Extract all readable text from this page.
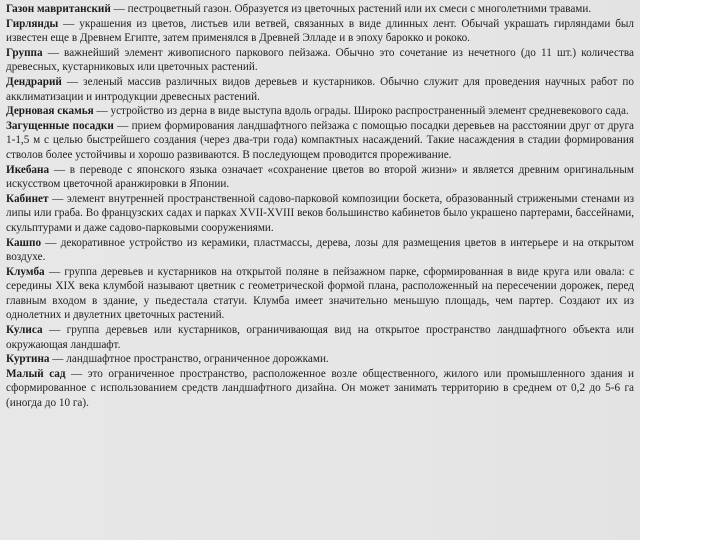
Газон мавританский — пестроцветный газон. Образуется из цветочных растений или их смеси с многолетними травами.

Гирлянды — украшения из цветов, листьев или ветвей, связанных в виде длинных лент. Обычай украшать гирляндами был известен еще в Древнем Египте, затем применялся в Древней Элладе и в эпоху барокко и рококо.

Группа — важнейший элемент живописного паркового пейзажа. Обычно это сочетание из нечетного (до 11 шт.) количества древесных, кустарниковых или цветочных растений.

Дендрарий — зеленый массив различных видов деревьев и кустарников. Обычно служит для проведения научных работ по акклиматизации и интродукции древесных растений.

Дерновая скамья — устройство из дерна в виде выступа вдоль ограды. Широко распространенный элемент средневекового сада.

Загущенные посадки — прием формирования ландшафтного пейзажа с помощью посадки деревьев на расстоянии друг от друга 1-1,5 м с целью быстрейшего создания (через два-три года) компактных насаждений. Такие насаждения в стадии формирования стволов более устойчивы и хорошо развиваются. В последующем проводится прореживание.

Икебана — в переводе с японского языка означает «сохранение цветов во второй жизни» и является древним оригинальным искусством цветочной аранжировки в Японии.

Кабинет — элемент внутренней пространственной садово-парковой композиции боскета, образованный стрижеными стенами из липы или граба. Во французских садах и парках XVII-XVIII веков большинство кабинетов было украшено партерами, бассейнами, скульптурами и даже садово-парковыми сооружениями.

Кашпо — декоративное устройство из керамики, пластмассы, дерева, лозы для размещения цветов в интерьере и на открытом воздухе.

Клумба — группа деревьев и кустарников на открытой поляне в пейзажном парке, сформированная в виде круга или овала: с середины XIX века клумбой называют цветник с геометрической формой плана, расположенный на пересечении дорожек, перед главным входом в здание, у пьедестала статуи. Клумба имеет значительно меньшую площадь, чем партер. Создают их из однолетних и двулетних цветочных растений.

Кулиса — группа деревьев или кустарников, ограничивающая вид на открытое пространство ландшафтного объекта или окружающая ландшафт.

Куртина — ландшафтное пространство, ограниченное дорожками.

Малый сад — это ограниченное пространство, расположенное возле общественного, жилого или промышленного здания и сформированное с использованием средств ландшафтного дизайна. Он может занимать территорию в среднем от 0,2 до 5-6 га (иногда до 10 га).
